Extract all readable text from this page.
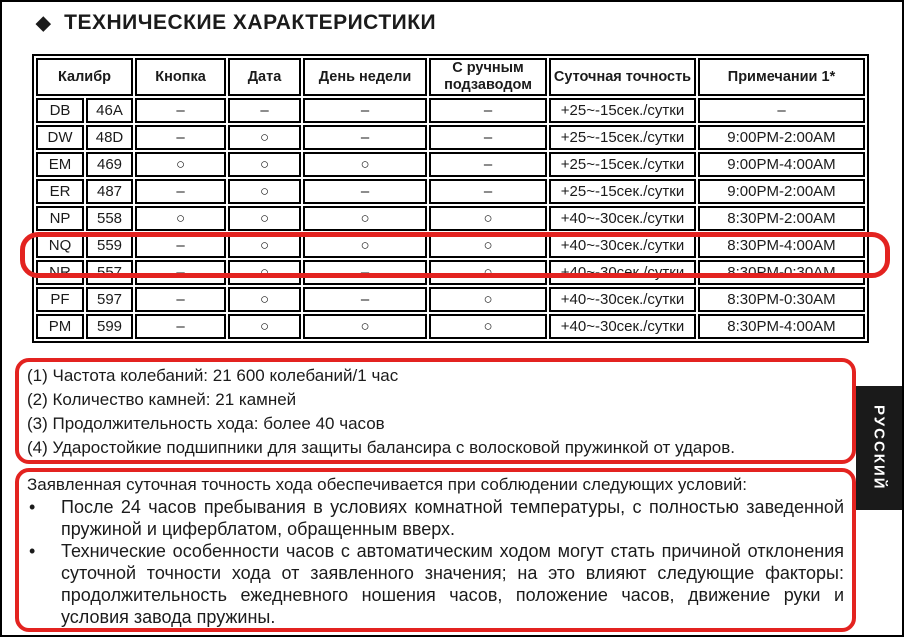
◆ ТЕХНИЧЕСКИЕ ХАРАКТЕРИСТИКИ
Калибр		Кнопка	Дата	День недели	С ручным подзаводом	Суточная точность	Примечании 1*
DB	46A	–	–	–	–	+25~-15сек./сутки	–
DW	48D	–	○	–	–	+25~-15сек./сутки	9:00PM-2:00AM
EM	469	○	○	○	–	+25~-15сек./сутки	9:00PM-4:00AM
ER	487	–	○	–	–	+25~-15сек./сутки	9:00PM-2:00AM
NP	558	○	○	○	○	+40~-30сек./сутки	8:30PM-2:00AM
NQ	559	–	○	○	○	+40~-30сек./сутки	8:30PM-4:00AM
NR	557	–	○	–	○	+40~-30сек./сутки	8:30PM-0:30AM
PF	597	–	○	–	○	+40~-30сек./сутки	8:30PM-0:30AM
PM	599	–	○	○	○	+40~-30сек./сутки	8:30PM-4:00AM
(1) Частота колебаний: 21 600 колебаний/1 час
(2) Количество камней: 21 камней
(3) Продолжительность хода: более 40 часов
(4) Ударостойкие подшипники для защиты балансира с волосковой пружинкой от ударов.
Заявленная суточная точность хода обеспечивается при соблюдении следующих условий:
• После 24 часов пребывания в условиях комнатной температуры, с полностью заведенной пружиной и циферблатом, обращенным вверх.
• Технические особенности часов с автоматическим ходом могут стать причиной отклонения суточной точности хода от заявленного значения; на это влияют следующие факторы: продолжительность ежедневного ношения часов, положение часов, движение руки и условия завода пружины.
РУССКИЙ
